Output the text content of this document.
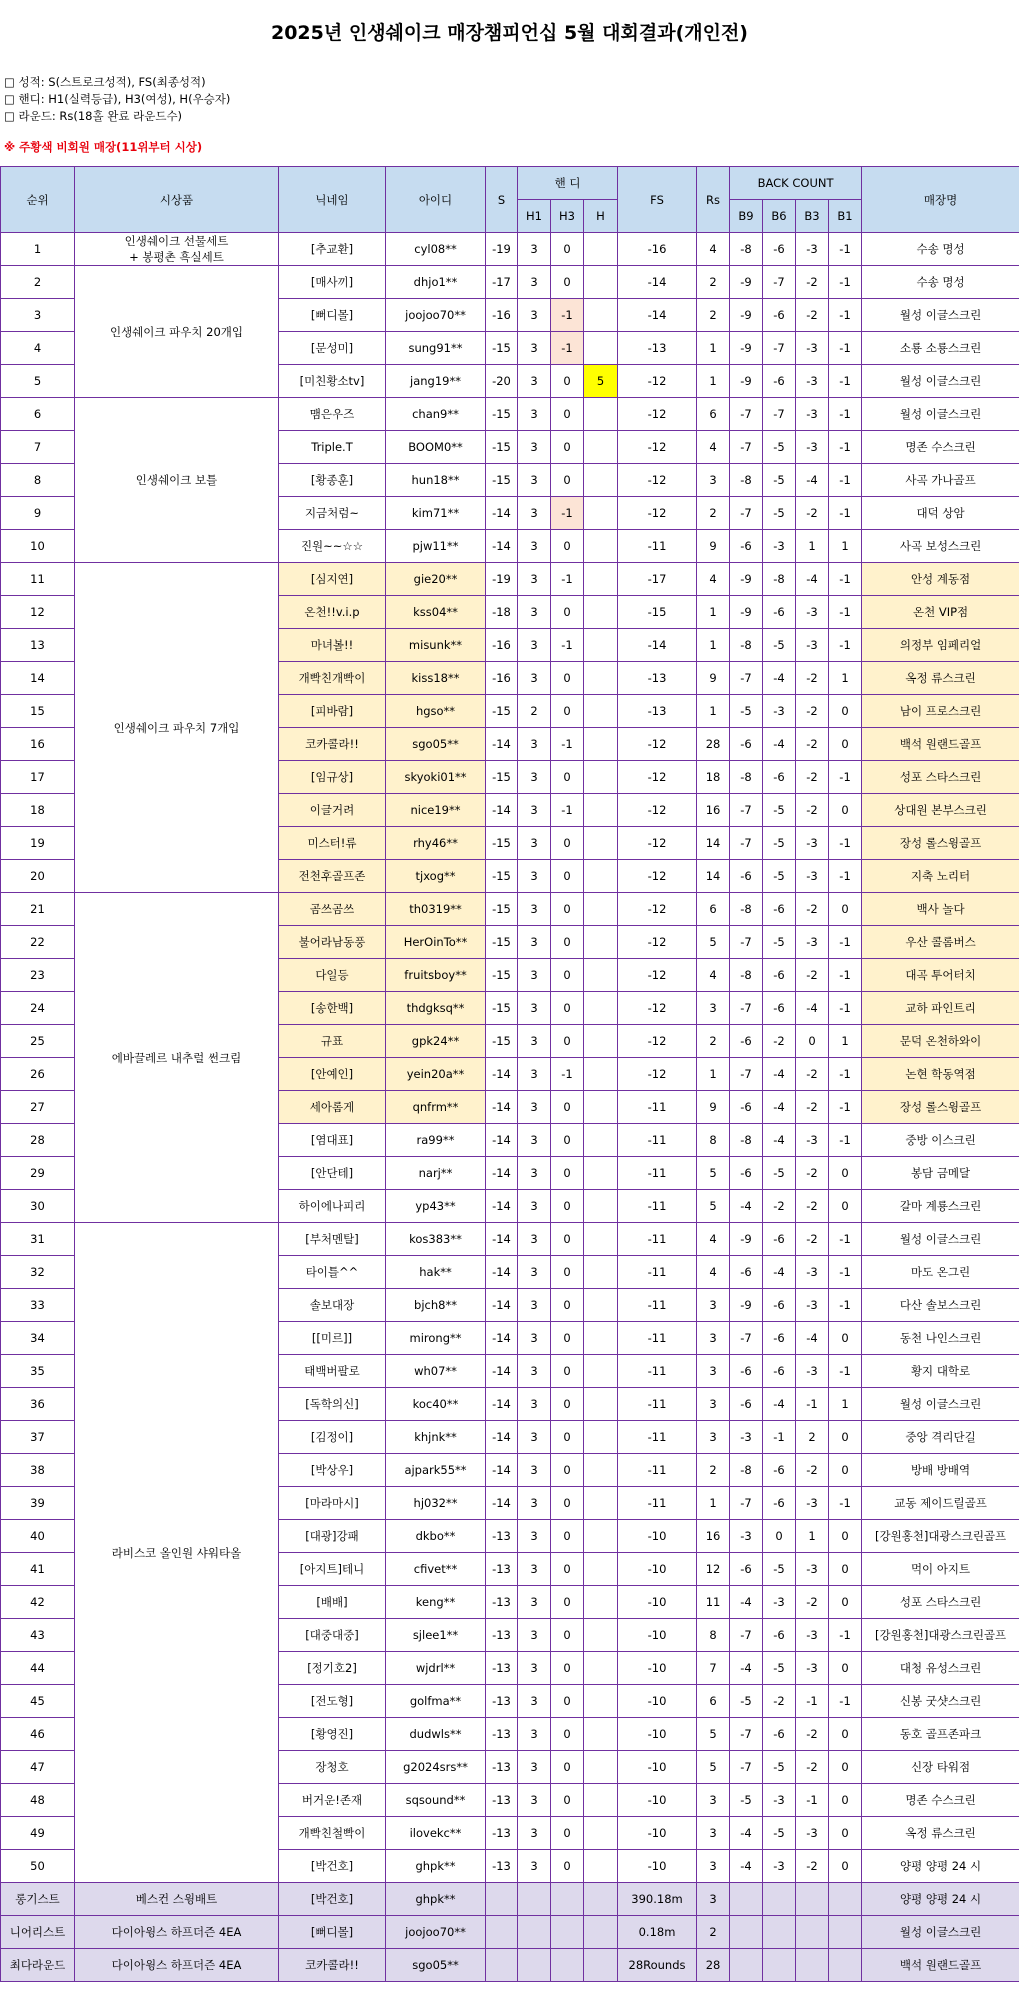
2025년 인생쉐이크 매장챔피언십 5월 대회결과(개인전)
□ 성적: S(스트로크성적), FS(최종성적)
□ 핸디: H1(실력등급), H3(여성), H(우승자)
□ 라운드: Rs(18홀 완료 라운드수)
※ 주황색 비회원 매장(11위부터 시상)
순위	시상품	닉네임	아이디	S	핸 디			FS	Rs	BACK COUNT				매장명
					H1	H3	H			B9	B6	B3	B1	
1	인생쉐이크 선물세트
+ 봉평촌 흑실세트	[추교환]	cyl08**	-19	3	0		-16	4	-8	-6	-3	-1	수송 명성
2	인생쉐이크 파우치 20개입	[매사끼]	dhjo1**	-17	3	0		-14	2	-9	-7	-2	-1	수송 명성
3		[뻐디몰]	joojoo70**	-16	3	-1		-14	2	-9	-6	-2	-1	월성 이글스크린
4		[문성미]	sung91**	-15	3	-1		-13	1	-9	-7	-3	-1	소룡 소룡스크린
5		[미친황소tv]	jang19**	-20	3	0	5	-12	1	-9	-6	-3	-1	월성 이글스크린
6	인생쉐이크 보틀	맴은우즈	chan9**	-15	3	0		-12	6	-7	-7	-3	-1	월성 이글스크린
7		Triple.T	BOOM0**	-15	3	0		-12	4	-7	-5	-3	-1	명존 수스크린
8		[황종훈]	hun18**	-15	3	0		-12	3	-8	-5	-4	-1	사곡 가나골프
9		지금처럼~	kim71**	-14	3	-1		-12	2	-7	-5	-2	-1	대덕 상암
10		진원~~☆☆	pjw11**	-14	3	0		-11	9	-6	-3	1	1	사곡 보성스크린
11	인생쉐이크 파우치 7개입	[심지연]	gie20**	-19	3	-1		-17	4	-9	-8	-4	-1	안성 계동점
12		온천!!v.i.p	kss04**	-18	3	0		-15	1	-9	-6	-3	-1	온천 VIP점
13		마녀볼!!	misunk**	-16	3	-1		-14	1	-8	-5	-3	-1	의정부 임페리얼
14		개빡친개빡이	kiss18**	-16	3	0		-13	9	-7	-4	-2	1	옥정 류스크린
15		[피바람]	hgso**	-15	2	0		-13	1	-5	-3	-2	0	남이 프로스크린
16		코카콜라!!	sgo05**	-14	3	-1		-12	28	-6	-4	-2	0	백석 원랜드골프
17		[임규상]	skyoki01**	-15	3	0		-12	18	-8	-6	-2	-1	성포 스타스크린
18		이글거려	nice19**	-14	3	-1		-12	16	-7	-5	-2	0	상대원 본부스크린
19		미스터!류	rhy46**	-15	3	0		-12	14	-7	-5	-3	-1	장성 롤스윙골프
20		전천후골프존	tjxog**	-15	3	0		-12	14	-6	-5	-3	-1	지축 노리터
21	에바끌레르 내추럴 썬크림	곰쓰곰쓰	th0319**	-15	3	0		-12	6	-8	-6	-2	0	백사 놀다
22		불어라남동풍	HerOinTo**	-15	3	0		-12	5	-7	-5	-3	-1	우산 콜롬버스
23		다일등	fruitsboy**	-15	3	0		-12	4	-8	-6	-2	-1	대곡 투어터치
24		[송한백]	thdgksq**	-15	3	0		-12	3	-7	-6	-4	-1	교하 파인트리
25		규표	gpk24**	-15	3	0		-12	2	-6	-2	0	1	문덕 온천하와이
26		[안예인]	yein20a**	-14	3	-1		-12	1	-7	-4	-2	-1	논현 학동역점
27		세아롬게	qnfrm**	-14	3	0		-11	9	-6	-4	-2	-1	장성 롤스윙골프
28		[염대표]	ra99**	-14	3	0		-11	8	-8	-4	-3	-1	중방 이스크린
29		[안단테]	narj**	-14	3	0		-11	5	-6	-5	-2	0	봉담 금메달
30		하이에나피리	yp43**	-14	3	0		-11	5	-4	-2	-2	0	갈마 계룡스크린
31	라비스코 올인원 샤워타올	[부처멘탈]	kos383**	-14	3	0		-11	4	-9	-6	-2	-1	월성 이글스크린
32		타이틀^^	hak**	-14	3	0		-11	4	-6	-4	-3	-1	마도 온그린
33		솔보대장	bjch8**	-14	3	0		-11	3	-9	-6	-3	-1	다산 솔보스크린
34		[[미르]]	mirong**	-14	3	0		-11	3	-7	-6	-4	0	동천 나인스크린
35		태백버팔로	wh07**	-14	3	0		-11	3	-6	-6	-3	-1	황지 대학로
36		[독학의신]	koc40**	-14	3	0		-11	3	-6	-4	-1	1	월성 이글스크린
37		[김정이]	khjnk**	-14	3	0		-11	3	-3	-1	2	0	중앙 격리단길
38		[박상우]	ajpark55**	-14	3	0		-11	2	-8	-6	-2	0	방배 방배역
39		[마라마시]	hj032**	-14	3	0		-11	1	-7	-6	-3	-1	교동 제이드릴골프
40		[대광]강패	dkbo**	-13	3	0		-10	16	-3	0	1	0	[강원홍천]대광스크린골프
41		[아지트]테니	cfivet**	-13	3	0		-10	12	-6	-5	-3	0	먹이 아지트
42		[배배]	keng**	-13	3	0		-10	11	-4	-3	-2	0	성포 스타스크린
43		[대중대중]	sjlee1**	-13	3	0		-10	8	-7	-6	-3	-1	[강원홍천]대광스크린골프
44		[정기호2]	wjdrl**	-13	3	0		-10	7	-4	-5	-3	0	대청 유성스크린
45		[전도형]	golfma**	-13	3	0		-10	6	-5	-2	-1	-1	신봉 굿샷스크린
46		[황영진]	dudwls**	-13	3	0		-10	5	-7	-6	-2	0	동호 골프존파크
47		장청호	g2024srs**	-13	3	0		-10	5	-7	-5	-2	0	신장 타워점
48		버거운!존재	sqsound**	-13	3	0		-10	3	-5	-3	-1	0	명존 수스크린
49		개빡친철빡이	ilovekc**	-13	3	0		-10	3	-4	-5	-3	0	옥정 류스크린
50		[박건호]	ghpk**	-13	3	0		-10	3	-4	-3	-2	0	양평 양평 24 시
롱기스트	베스컨 스윙배트	[박건호]	ghpk**					390.18m	3					양평 양평 24 시
니어리스트	다이아윙스 하프더즌 4EA	[뻐디몰]	joojoo70**					0.18m	2					월성 이글스크린
최다라운드	다이아윙스 하프더즌 4EA	코카콜라!!	sgo05**					28Rounds	28					백석 원랜드골프
